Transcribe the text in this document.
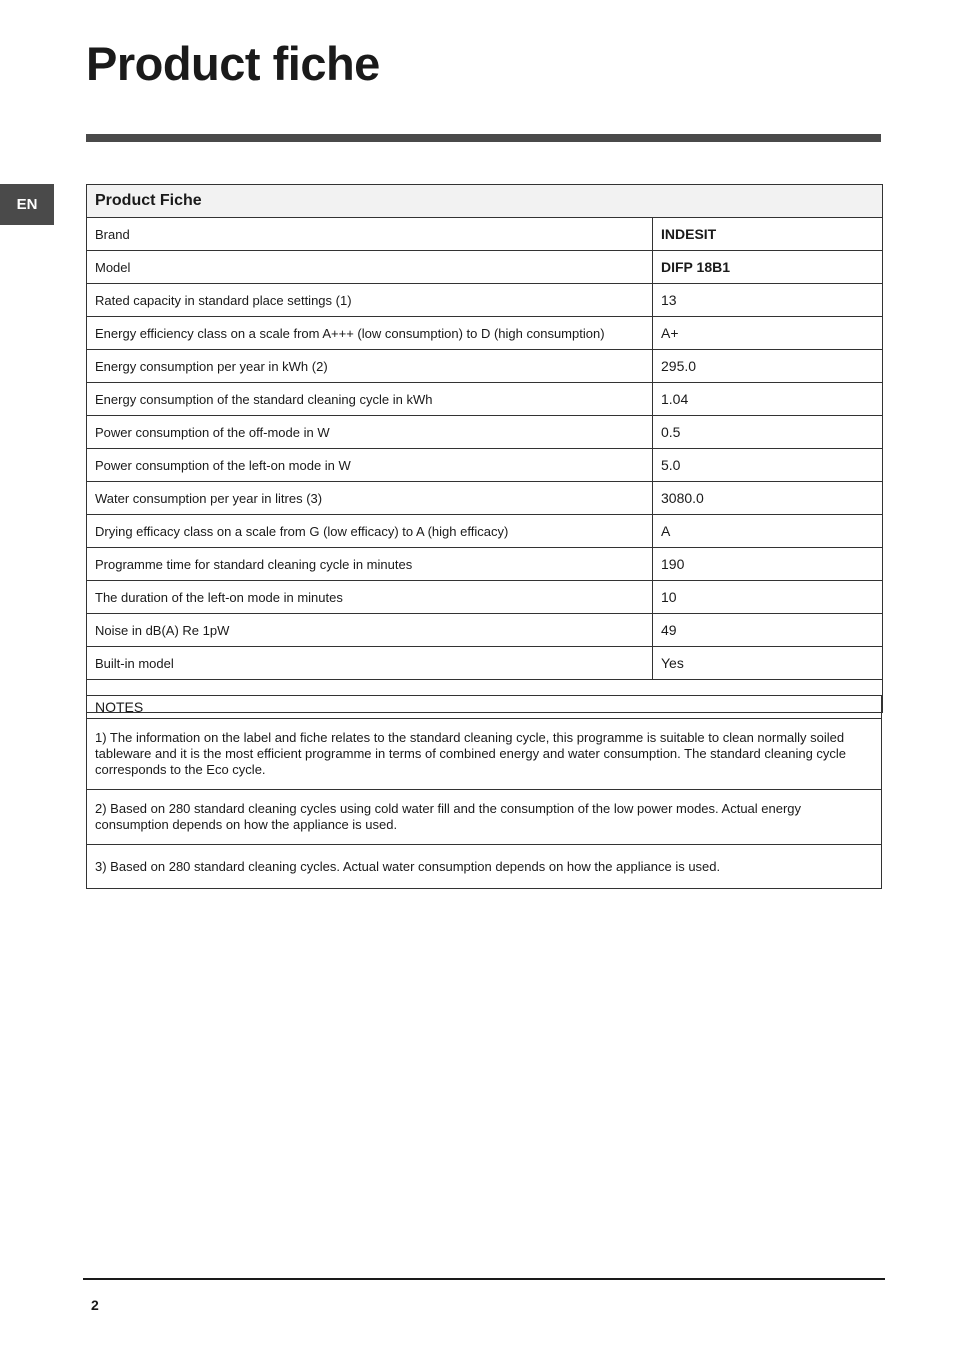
Product fiche
EN	Product Fiche	
Brand	INDESIT
Model	DIFP 18B1
Rated capacity in standard place settings (1)	13
Energy efficiency class on a scale from A+++ (low consumption) to D (high consumption)	A+
Energy consumption per year in kWh (2)	295.0
Energy consumption of the standard cleaning cycle in kWh	1.04
Power consumption of the off-mode in W	0.5
Power consumption of the left-on mode in W	5.0
Water consumption per year in litres (3)	3080.0
Drying efficacy class on a scale from G (low efficacy) to A (high efficacy)	A
Programme time for standard cleaning cycle in minutes	190
The duration of the left-on mode in minutes	10
Noise in dB(A) Re 1pW	49
Built-in model	Yes

NOTES
1) The information on the label and fiche relates to the standard cleaning cycle, this programme is suitable to clean normally soiled tableware and it is the most efficient programme in terms of combined energy and water consumption. The standard cleaning cycle corresponds to the Eco cycle.
2) Based on 280 standard cleaning cycles using cold water fill and the consumption of the low power modes. Actual energy consumption depends on how the appliance is used.
3) Based on 280 standard cleaning cycles. Actual water consumption depends on how the appliance is used.
2
